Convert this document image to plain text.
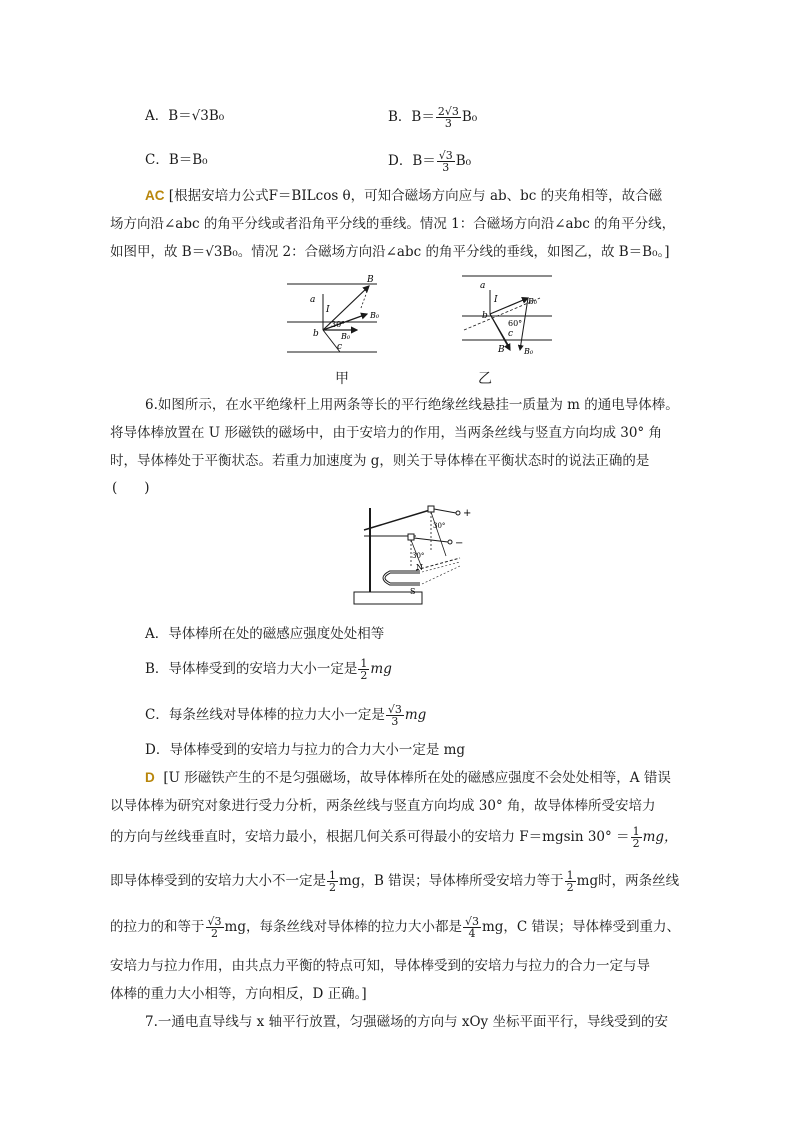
A．B＝√3B₀	B．$B= \frac{2√3}{3} B_0$
C．B＝B₀	D．$B= \frac{√3}{3} B_0$
AC [根据安培力公式F＝BILcos θ，可知合磁场方向应与 ab、bc 的夹角相等，故合磁
场方向沿∠abc 的角平分线或者沿角平分线的垂线。情况 1：合磁场方向沿∠abc 的角平分线，
如图甲，故 B＝√3B₀。情况 2：合磁场方向沿∠abc 的角平分线的垂线，如图乙，故 B＝B₀。]
B
a
I
b
B₀
30°
B₀
c
甲
a
I
b
B₀
60°
c
B B₀
乙
6.如图所示，在水平绝缘杆上用两条等长的平行绝缘丝线悬挂一质量为 m 的通电导体棒。
将导体棒放置在 U 形磁铁的磁场中，由于安培力的作用，当两条丝线与竖直方向均成 30° 角
时，导体棒处于平衡状态。若重力加速度为 g，则关于导体棒在平衡状态时的说法正确的是
(　　)
+
−
30°
30°
N
S
A．导体棒所在处的磁感应强度处处相等
B．导体棒受到的安培力大小一定是 $\frac{1}{2}$ mg
C．每条丝线对导体棒的拉力大小一定是 $\frac{√3}{3}$ mg
D．导体棒受到的安培力与拉力的合力大小一定是 mg
D [U 形磁铁产生的不是匀强磁场，故导体棒所在处的磁感应强度不会处处相等，A 错误
以导体棒为研究对象进行受力分析，两条丝线与竖直方向均成 30° 角，故导体棒所受安培力
的方向与丝线垂直时，安培力最小，根据几何关系可得最小的安培力 F＝mgsin $30^\circ = \frac{1}{2}$ mg，
即导体棒受到的安培力大小不一定是 $\frac{1}{2}$ mg，B 错误；导体棒所受安培力等于 $\frac{1}{2}$ mg时，两条丝线
的拉力的和等于 $\frac{√3}{2}$ mg，每条丝线对导体棒的拉力大小都是 $\frac{√3}{4}$ mg，C 错误；导体棒受到重力、
安培力与拉力作用，由共点力平衡的特点可知，导体棒受到的安培力与拉力的合力一定与导
体棒的重力大小相等，方向相反，D 正确。]
7.一通电直导线与 x 轴平行放置，匀强磁场的方向与 xOy 坐标平面平行，导线受到的安
